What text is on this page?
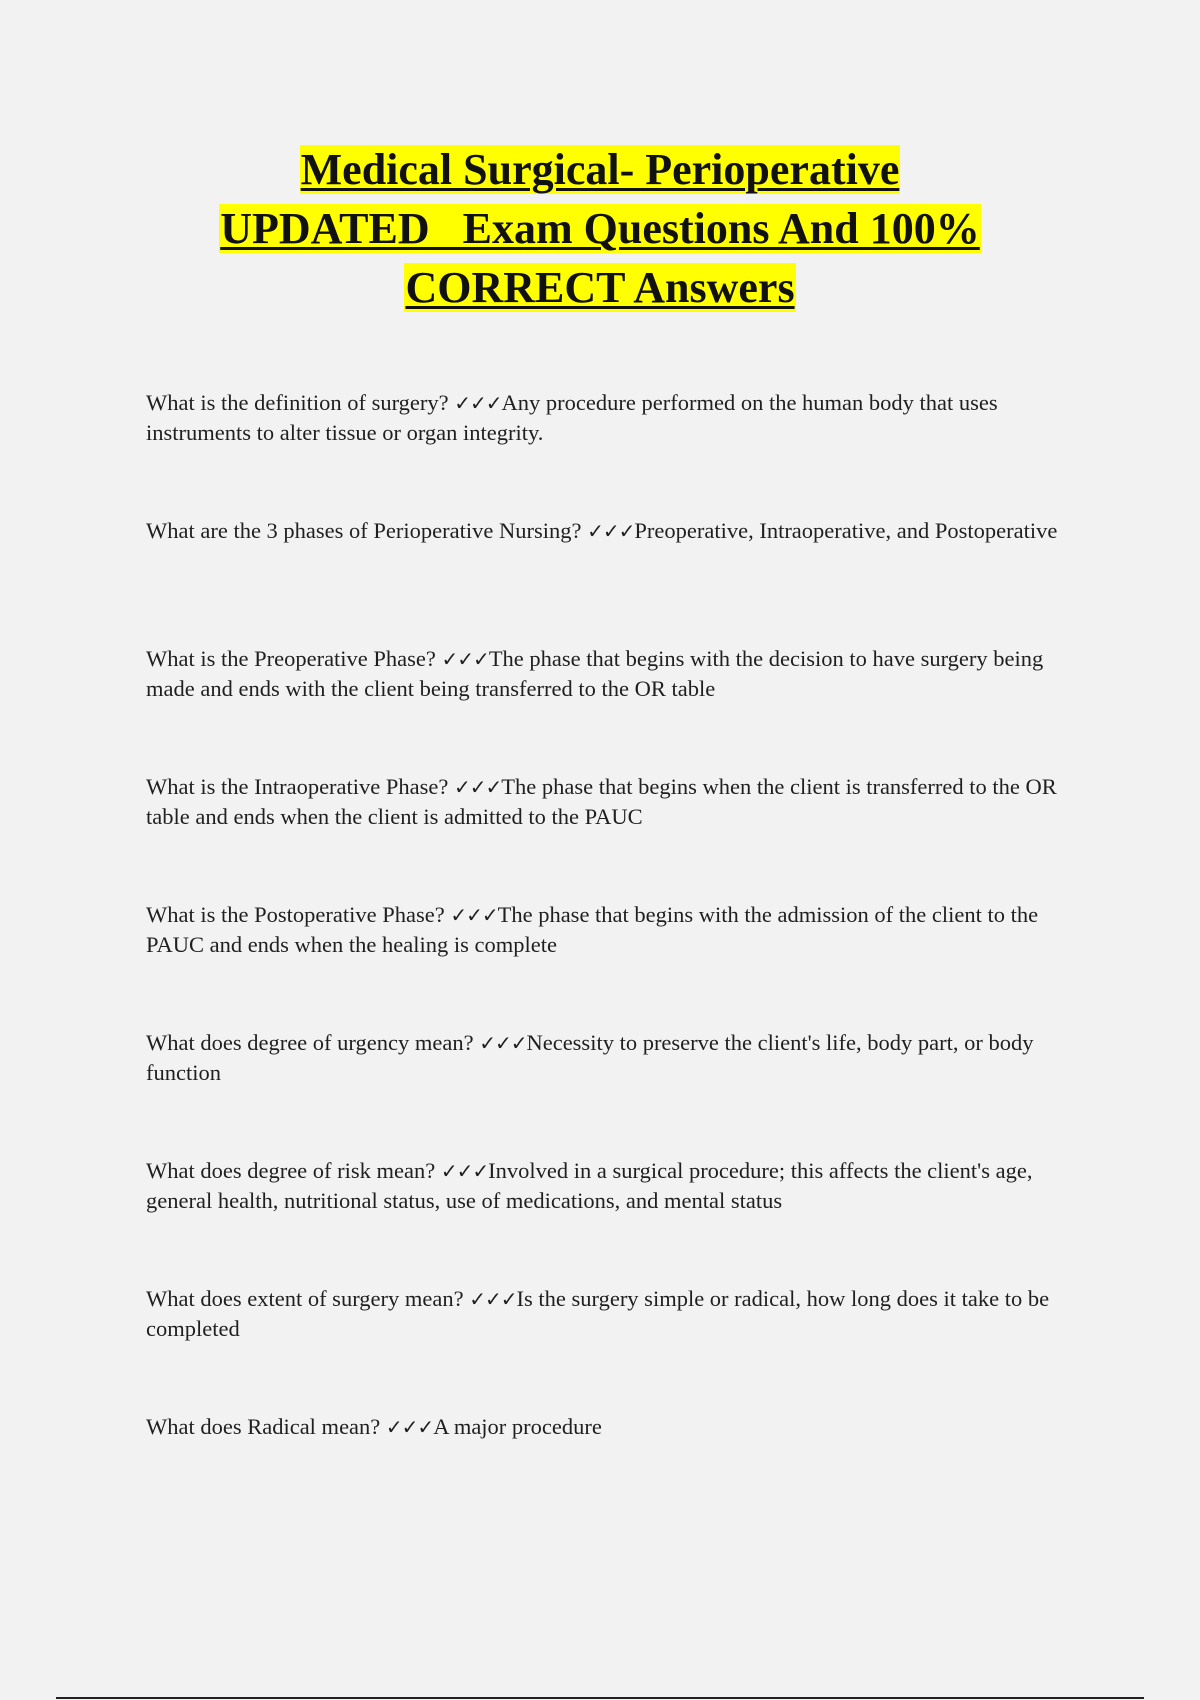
Medical Surgical- Perioperative
UPDATED   Exam Questions And 100%
CORRECT Answers
What is the definition of surgery? ✓✓✓Any procedure performed on the human body that uses instruments to alter tissue or organ integrity.
What are the 3 phases of Perioperative Nursing? ✓✓✓Preoperative, Intraoperative, and Postoperative
What is the Preoperative Phase? ✓✓✓The phase that begins with the decision to have surgery being made and ends with the client being transferred to the OR table
What is the Intraoperative Phase? ✓✓✓The phase that begins when the client is transferred to the OR table and ends when the client is admitted to the PAUC
What is the Postoperative Phase? ✓✓✓The phase that begins with the admission of the client to the PAUC and ends when the healing is complete
What does degree of urgency mean? ✓✓✓Necessity to preserve the client's life, body part, or body function
What does degree of risk mean? ✓✓✓Involved in a surgical procedure; this affects the client's age, general health, nutritional status, use of medications, and mental status
What does extent of surgery mean? ✓✓✓Is the surgery simple or radical, how long does it take to be completed
What does Radical mean? ✓✓✓A major procedure
